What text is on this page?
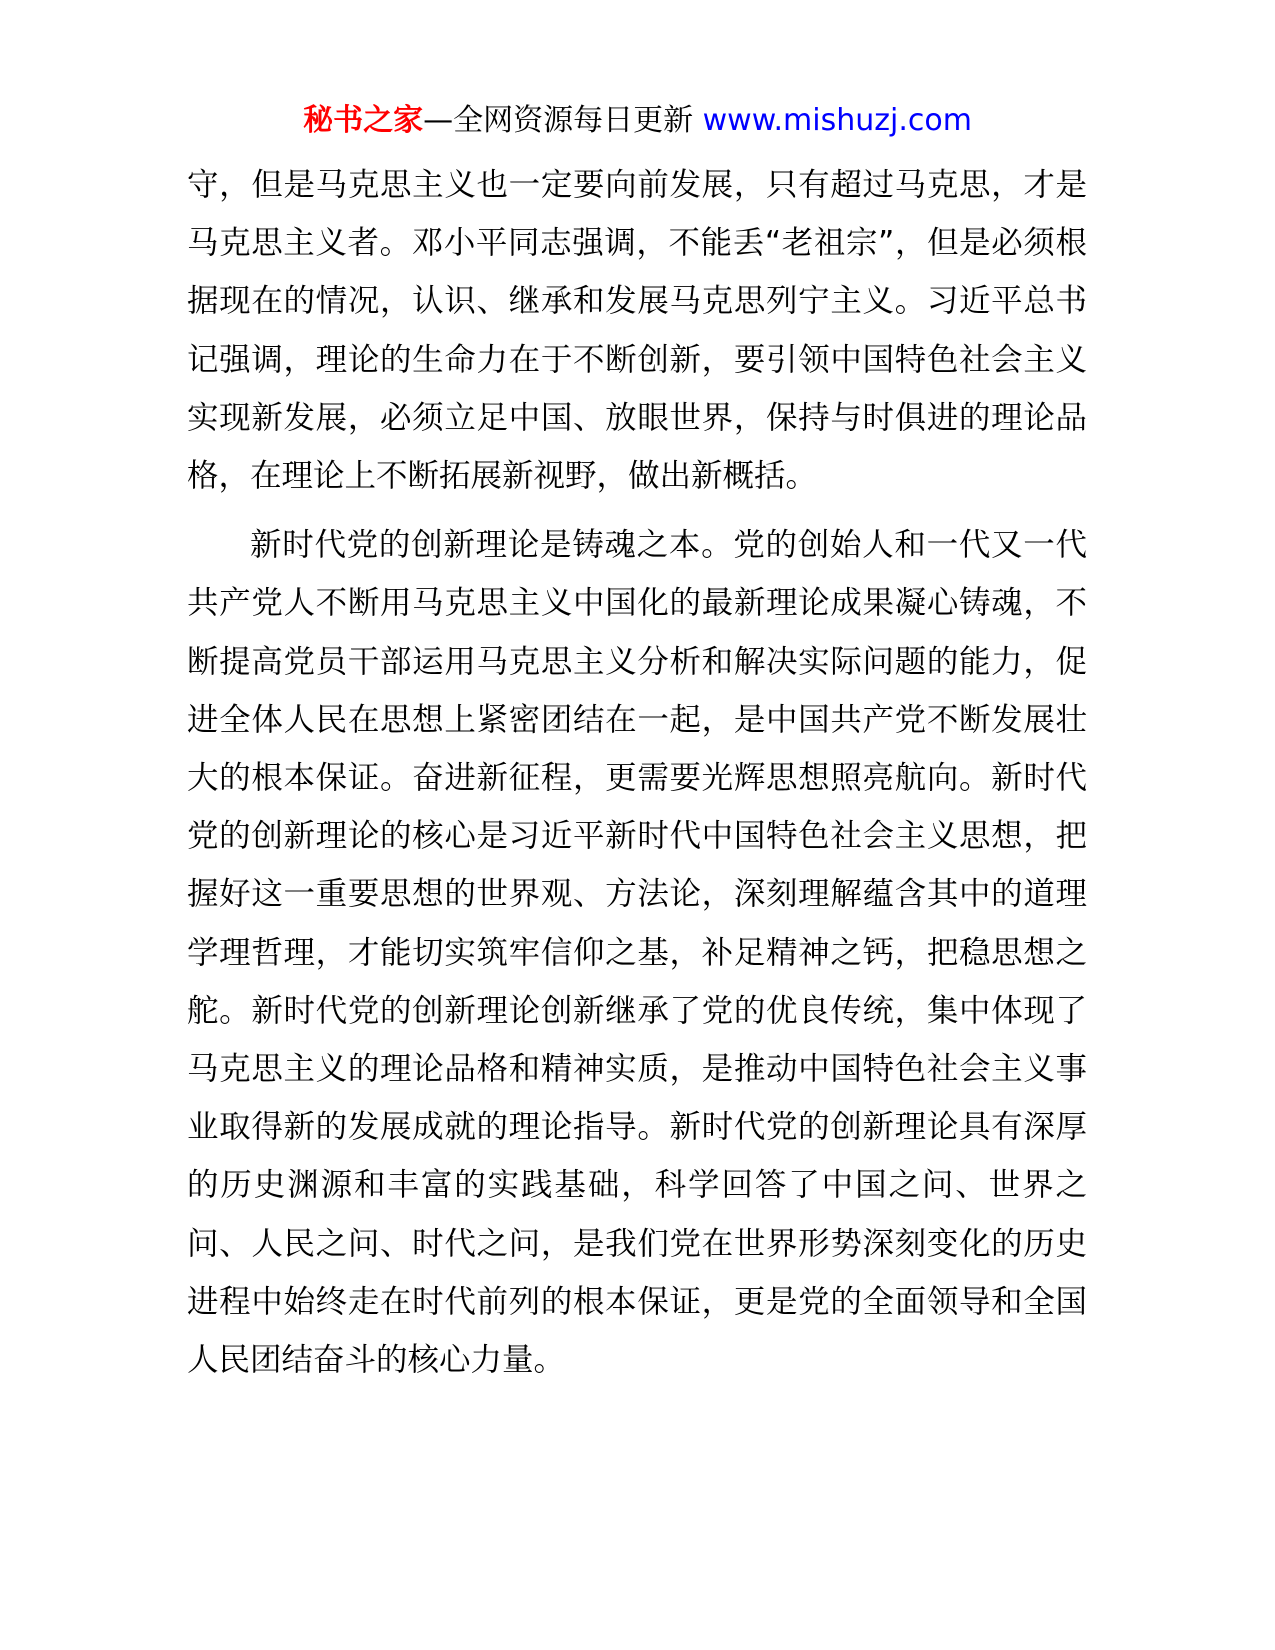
秘书之家—全网资源每日更新 www.mishuzj.com

守，但是马克思主义也一定要向前发展，只有超过马克思，才是马克思主义者。邓小平同志强调，不能丢“老祖宗”，但是必须根据现在的情况，认识、继承和发展马克思列宁主义。习近平总书记强调，理论的生命力在于不断创新，要引领中国特色社会主义实现新发展，必须立足中国、放眼世界，保持与时俱进的理论品格，在理论上不断拓展新视野，做出新概括。

新时代党的创新理论是铸魂之本。党的创始人和一代又一代共产党人不断用马克思主义中国化的最新理论成果凝心铸魂，不断提高党员干部运用马克思主义分析和解决实际问题的能力，促进全体人民在思想上紧密团结在一起，是中国共产党不断发展壮大的根本保证。奋进新征程，更需要光辉思想照亮航向。新时代党的创新理论的核心是习近平新时代中国特色社会主义思想，把握好这一重要思想的世界观、方法论，深刻理解蕴含其中的道理学理哲理，才能切实筑牢信仰之基，补足精神之钙，把稳思想之舵。新时代党的创新理论创新继承了党的优良传统，集中体现了马克思主义的理论品格和精神实质，是推动中国特色社会主义事业取得新的发展成就的理论指导。新时代党的创新理论具有深厚的历史渊源和丰富的实践基础，科学回答了中国之问、世界之问、人民之问、时代之问，是我们党在世界形势深刻变化的历史进程中始终走在时代前列的根本保证，更是党的全面领导和全国人民团结奋斗的核心力量。
